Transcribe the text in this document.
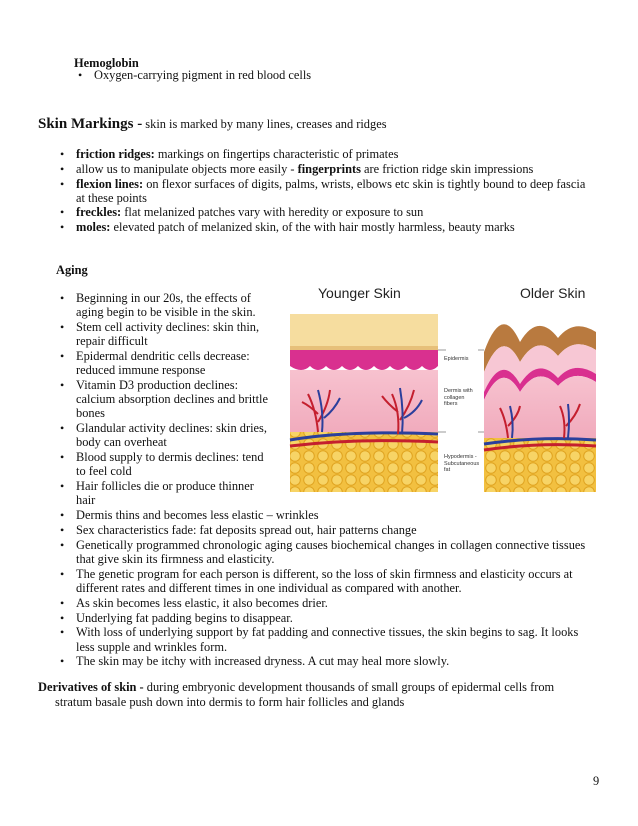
Hemoglobin
• Oxygen-carrying pigment in red blood cells
Skin Markings - skin is marked by many lines, creases and ridges
• friction ridges: markings on fingertips characteristic of primates
• allow us to manipulate objects more easily - fingerprints are friction ridge skin impressions
• flexion lines: on flexor surfaces of digits, palms, wrists, elbows etc skin is tightly bound to deep fascia
at these points
• freckles: flat melanized patches vary with heredity or exposure to sun
• moles: elevated patch of melanized skin, of the with hair mostly harmless, beauty marks
Aging
• Beginning in our 20s, the effects of
aging begin to be visible in the skin.
• Stem cell activity declines: skin thin,
repair difficult
• Epidermal dendritic cells decrease:
reduced immune response
• Vitamin D3 production declines:
calcium absorption declines and brittle
bones
• Glandular activity declines: skin dries,
body can overheat
• Blood supply to dermis declines: tend
to feel cold
• Hair follicles die or produce thinner
hair
• Dermis thins and becomes less elastic – wrinkles
• Sex characteristics fade: fat deposits spread out, hair patterns change
• Genetically programmed chronologic aging causes biochemical changes in collagen connective tissues
that give skin its firmness and elasticity.
• The genetic program for each person is different, so the loss of skin firmness and elasticity occurs at
different rates and different times in one individual as compared with another.
• As skin becomes less elastic, it also becomes drier.
• Underlying fat padding begins to disappear.
• With loss of underlying support by fat padding and connective tissues, the skin begins to sag. It looks
less supple and wrinkles form.
• The skin may be itchy with increased dryness. A cut may heal more slowly.
Younger Skin	Older Skin
Epidermis
Dermis with
collagen
fibers
Hypodermis -
Subcutaneous
fat
Derivatives of skin - during embryonic development thousands of small groups of epidermal cells from
stratum basale push down into dermis to form hair follicles and glands
9
